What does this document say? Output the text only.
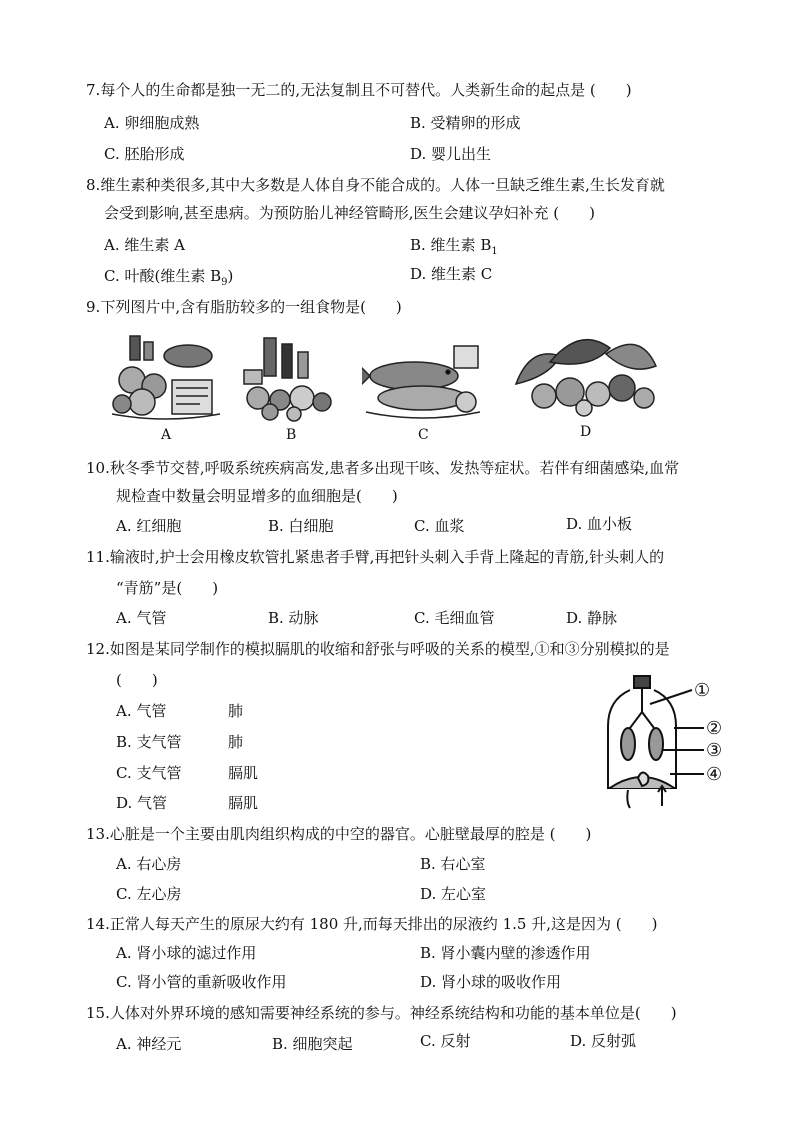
7.每个人的生命都是独一无二的,无法复制且不可替代。人类新生命的起点是 (　　)
A. 卵细胞成熟	B. 受精卵的形成
C. 胚胎形成	D. 婴儿出生
8.维生素种类很多,其中大多数是人体自身不能合成的。人体一旦缺乏维生素,生长发育就
会受到影响,甚至患病。为预防胎儿神经管畸形,医生会建议孕妇补充 (　　)
A. 维生素 A	B. 维生素 $B_1$
C. 叶酸(维生素 $B_9$)	D. 维生素 C
9.下列图片中,含有脂肪较多的一组食物是(　　)
A	B	C	D
10.秋冬季节交替,呼吸系统疾病高发,患者多出现干咳、发热等症状。若伴有细菌感染,血常
规检查中数量会明显增多的血细胞是(　　)
A. 红细胞	B. 白细胞	C. 血浆	D. 血小板
11.输液时,护士会用橡皮软管扎紧患者手臂,再把针头刺入手背上隆起的青筋,针头刺人的
“青筋”是(　　)
A. 气管	B. 动脉	C. 毛细血管	D. 静脉
12.如图是某同学制作的模拟膈肌的收缩和舒张与呼吸的关系的模型,①和③分别模拟的是
(　　)
A. 气管	肺
B. 支气管	肺
C. 支气管	膈肌
D. 气管	膈肌
①
②
③
④
13.心脏是一个主要由肌肉组织构成的中空的器官。心脏壁最厚的腔是 (　　)
A. 右心房	B. 右心室
C. 左心房	D. 左心室
14.正常人每天产生的原尿大约有 180 升,而每天排出的尿液约 1.5 升,这是因为 (　　)
A. 肾小球的滤过作用	B. 肾小囊内壁的渗透作用
C. 肾小管的重新吸收作用	D. 肾小球的吸收作用
15.人体对外界环境的感知需要神经系统的参与。神经系统结构和功能的基本单位是(　　)
A. 神经元	B. 细胞突起	C. 反射	D. 反射弧
